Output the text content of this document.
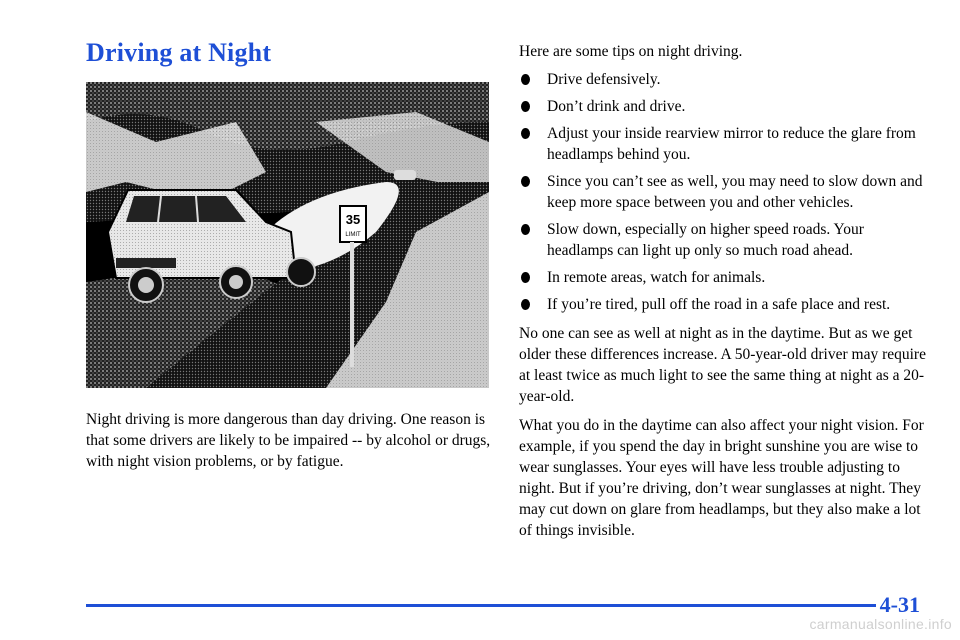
Driving at Night
35
LIMIT

Night driving is more dangerous than day driving. One reason is that some drivers are likely to be impaired -- by alcohol or drugs, with night vision problems, or by fatigue.

Here are some tips on night driving.

Drive defensively.
Don’t drink and drive.
Adjust your inside rearview mirror to reduce the glare from headlamps behind you.
Since you can’t see as well, you may need to slow down and keep more space between you and other vehicles.
Slow down, especially on higher speed roads. Your headlamps can light up only so much road ahead.
In remote areas, watch for animals.
If you’re tired, pull off the road in a safe place and rest.

No one can see as well at night as in the daytime. But as we get older these differences increase. A 50-year-old driver may require at least twice as much light to see the same thing at night as a 20-year-old.

What you do in the daytime can also affect your night vision. For example, if you spend the day in bright sunshine you are wise to wear sunglasses. Your eyes will have less trouble adjusting to night. But if you’re driving, don’t wear sunglasses at night. They may cut down on glare from headlamps, but they also make a lot of things invisible.

4-31

carmanualsonline.info
